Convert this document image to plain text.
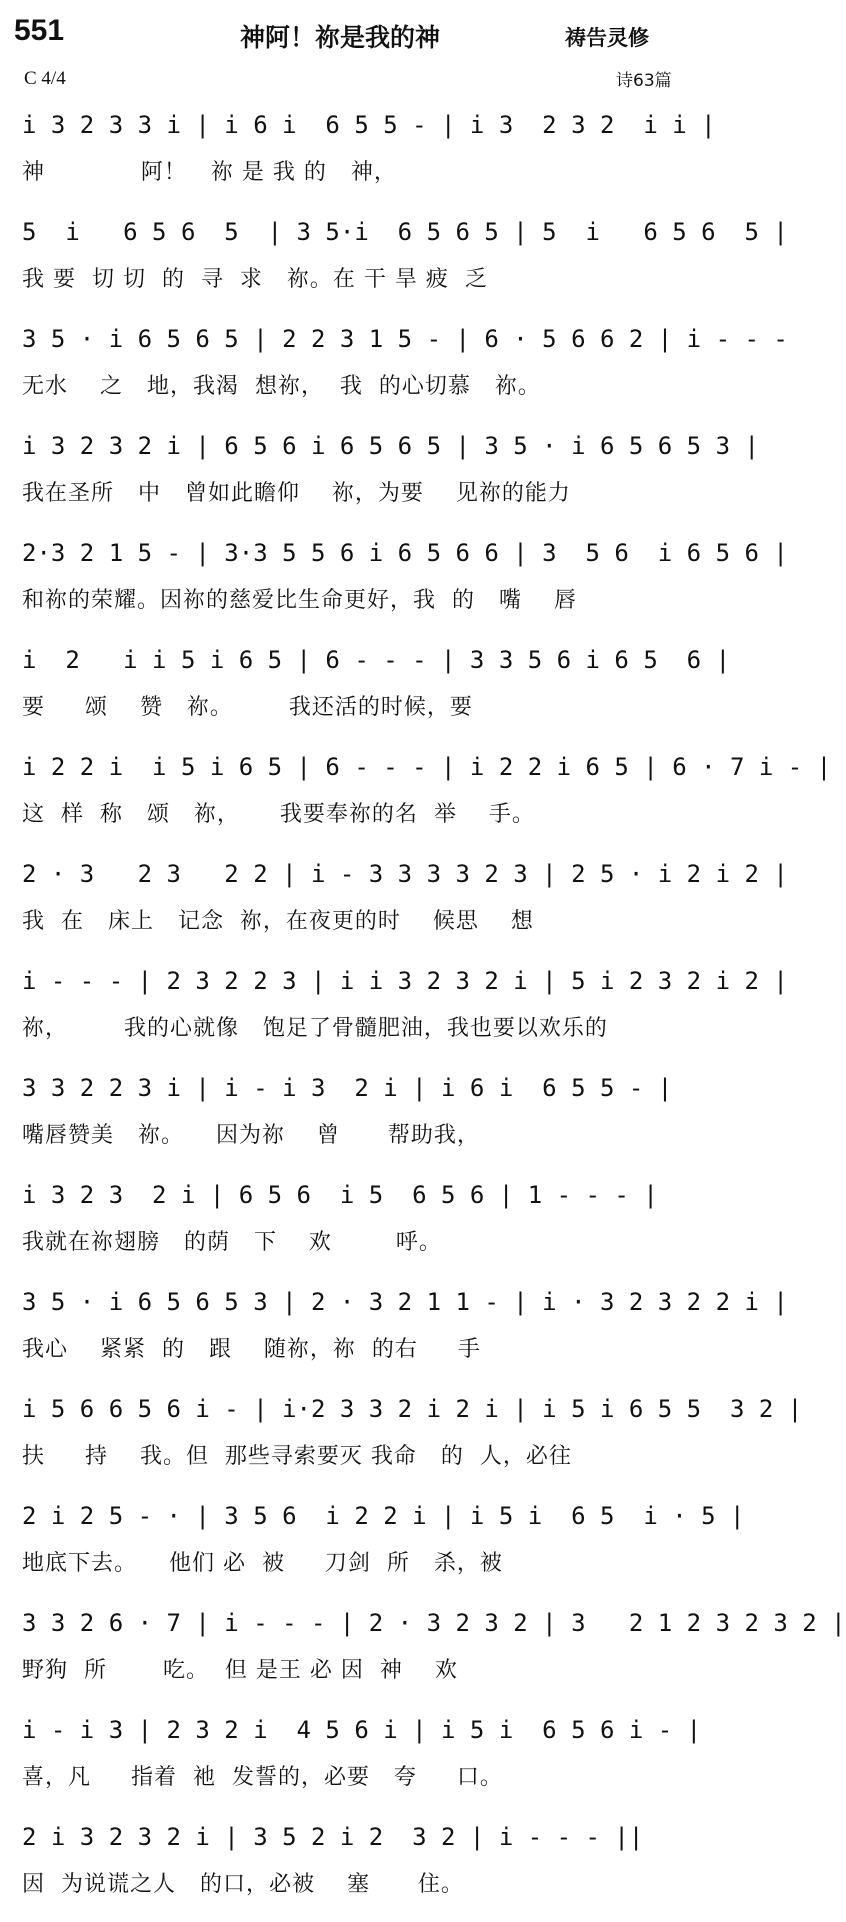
551	神阿！祢是我的神	祷告灵修
C 4/4	诗63篇
i 3 2 3 3 i | i 6 i  6 5 5 - | i 3  2 3 2  i i |
神            阿！   祢 是 我 的   神，
5  i   6 5 6  5  | 3 5·i  6 5 6 5 | 5  i   6 5 6  5 |
我 要  切 切  的  寻  求   祢。在 干 旱 疲  乏
3 5 · i 6 5 6 5 | 2 2 3 1 5 - | 6 · 5 6 6 2 | i - - -
无水    之   地，我渴  想祢，  我  的心切慕   祢。
i 3 2 3 2 i | 6 5 6 i 6 5 6 5 | 3 5 · i 6 5 6 5 3 |
我在圣所   中   曾如此瞻仰    祢，为要    见祢的能力
2·3 2 1 5 - | 3·3 5 5 6 i 6 5 6 6 | 3  5 6  i 6 5 6 |
和祢的荣耀。因祢的慈爱比生命更好，我  的   嘴    唇
i  2   i i 5 i 6 5 | 6 - - - | 3 3 5 6 i 6 5  6 |
要     颂    赞   祢。       我还活的时候，要
i 2 2 i  i 5 i 6 5 | 6 - - - | i 2 2 i 6 5 | 6 · 7 i - |
这  样  称   颂   祢，     我要奉祢的名  举    手。
2 · 3   2 3   2 2 | i - 3 3 3 3 2 3 | 2 5 · i 2 i 2 |
我  在   床上   记念  祢，在夜更的时    候思    想
i - - - | 2 3 2 2 3 | i i 3 2 3 2 i | 5 i 2 3 2 i 2 |
祢，       我的心就像   饱足了骨髓肥油，我也要以欢乐的
3 3 2 2 3 i | i - i 3  2 i | i 6 i  6 5 5 - |
嘴唇赞美   祢。    因为祢    曾      帮助我，
i 3 2 3  2 i | 6 5 6  i 5  6 5 6 | 1 - - - |
我就在祢翅膀   的荫   下    欢        呼。
3 5 · i 6 5 6 5 3 | 2 · 3 2 1 1 - | i · 3 2 3 2 2 i |
我心    紧紧  的   跟    随祢，祢  的右     手
i 5 6 6 5 6 i - | i·2 3 3 2 i 2 i | i 5 i 6 5 5  3 2 |
扶     持    我。但  那些寻索要灭 我命   的  人，必往
2 i 2 5 - · | 3 5 6  i 2 2 i | i 5 i  6 5  i · 5 |
地底下去。    他们 必  被     刀剑  所   杀，被
3 3 2 6 · 7 | i - - - | 2 · 3 2 3 2 | 3   2 1 2 3 2 3 2 |
野狗  所       吃。  但 是王 必 因  神    欢
i - i 3 | 2 3 2 i  4 5 6 i | i 5 i  6 5 6 i - |
喜，凡     指着  祂  发誓的，必要   夸     口。
2 i 3 2 3 2 i | 3 5 2 i 2  3 2 | i - - - ||
因  为说谎之人   的口，必被    塞      住。
